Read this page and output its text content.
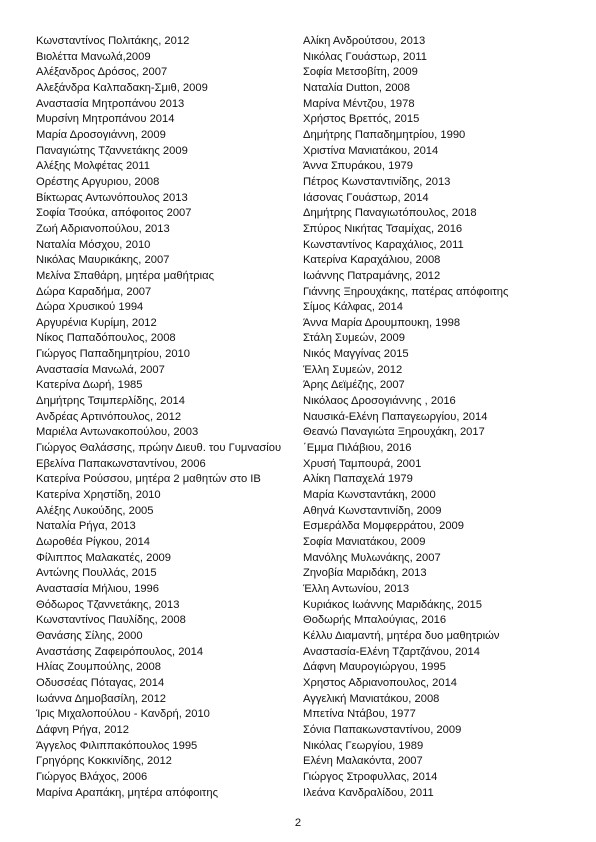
Κωνσταντίνος Πολιτάκης, 2012
Βιολέττα Μανωλά,2009
Αλέξανδρος Δρόσος, 2007
Αλεξάνδρα Καλπαδακη-Σμιθ, 2009
Αναστασία Μητροπάνου 2013
Μυρσίνη Μητροπάνου 2014
Μαρία Δροσογιάννη, 2009
Παναγιώτης Τζαννετάκης 2009
Αλέξης Μολφέτας 2011
Ορέστης Αργυριου, 2008
Βίκτωρας Αντωνόπουλος 2013
Σοφία Τσούκα, απόφοιτος 2007
Ζωή Αδριανοπούλου, 2013
Ναταλία Μόσχου, 2010
Νικόλας Μαυρικάκης, 2007
Μελίνα Σπαθάρη, μητέρα μαθήτριας
Δώρα Καραδήμα, 2007
Δώρα Χρυσικού 1994
Αργυρένια Κυρίμη, 2012
Νίκος Παπαδόπουλος, 2008
Γιώργος Παπαδημητρίου, 2010
Αναστασία Μανωλά, 2007
Κατερίνα Δωρή, 1985
Δημήτρης Τσιμπερλίδης, 2014
Ανδρέας Αρτινόπουλος, 2012
Μαριέλα Αντωνακοπούλου, 2003
Γιώργος Θαλάσσης, πρώην Διευθ. του Γυμνασίου
Εβελίνα Παπακωνσταντίνου, 2006
Κατερίνα Ρούσσου, μητέρα 2 μαθητών στο ΙΒ
Κατερίνα Χρηστίδη, 2010
Αλέξης Λυκούδης, 2005
Ναταλία Ρήγα, 2013
Δωροθέα Ρίγκου, 2014
Φίλιππος Μαλακατές, 2009
Αντώνης Πουλλάς, 2015
Αναστασία Μήλιου, 1996
Θόδωρος Τζαννετάκης, 2013
Κωνσταντίνος Παυλίδης, 2008
Θανάσης Σίλης, 2000
Αναστάσης Ζαφειρόπουλος, 2014
Ηλίας Ζουμπούλης, 2008
Οδυσσέας Πόταγας, 2014
Ιωάννα Δημοβασίλη, 2012
Ίρις Μιχαλοπούλου - Κανδρή, 2010
Δάφνη Ρήγα, 2012
Άγγελος Φιλιππακόπουλος 1995
Γρηγόρης Κοκκινίδης, 2012
Γιώργος Βλάχος, 2006
Μαρίνα Αραπάκη, μητέρα απόφοιτης
Αλίκη Ανδρούτσου, 2013
Νικόλας Γουάστωρ, 2011
Σοφία Μετσοβίτη, 2009
Ναταλία Dutton, 2008
Μαρίνα Μέντζου, 1978
Χρήστος Βρεττός, 2015
Δημήτρης Παπαδημητρίου, 1990
Χριστίνα Μανιατάκου, 2014
Άννα Σπυράκου, 1979
Πέτρος Κωνσταντινίδης, 2013
Ιάσονας Γουάστωρ, 2014
Δημήτρης Παναγιωτόπουλος, 2018
Σπύρος Νικήτας Τσαμίχας, 2016
Κωνσταντίνος Καραχάλιος, 2011
Κατερίνα Καραχάλιου, 2008
Ιωάννης Πατραμάνης, 2012
Γιάννης Ξηρουχάκης, πατέρας απόφοιτης
Σίμος Κάλφας, 2014
Άννα Μαρία Δρουμπουκη, 1998
Στάλη Συμεών, 2009
Νικός Μαγγίνας 2015
Έλλη Συμεών, 2012
Άρης Δεϊμέζης, 2007
Νικόλαος Δροσογιάννης , 2016
Ναυσικά-Ελένη Παπαγεωργίου, 2014
Θεανώ Παναγιώτα Ξηρουχάκη, 2017
΄Εμμα Πιλάβιου, 2016
Χρυσή Ταμπουρά, 2001
Αλίκη Παπαχελά 1979
Μαρία Κωνσταντάκη, 2000
Αθηνά Κωνσταντινίδη, 2009
Εσμεράλδα Μομφερράτου, 2009
Σοφία Μανιατάκου, 2009
Μανόλης Μυλωνάκης, 2007
Ζηνοβία Μαριδάκη, 2013
Έλλη Αντωνίου, 2013
Κυριάκος Ιωάννης Μαριδάκης, 2015
Θοδωρής Μπαλούγιας, 2016
Κέλλυ Διαμαντή, μητέρα δυο μαθητριών
Αναστασία-Ελένη Τζαρτζάνου, 2014
Δάφνη Μαυρογιώργου, 1995
Χρηστος Αδριανοπουλος, 2014
Αγγελική Μανιατάκου, 2008
Μπετίνα Ντάβου, 1977
Σόνια Παπακωνσταντίνου, 2009
Νικόλας Γεωργίου, 1989
Ελένη Μαλακόντα, 2007
Γιώργος Στροφυλλας, 2014
Ιλεάνα Κανδραλίδου, 2011
2
